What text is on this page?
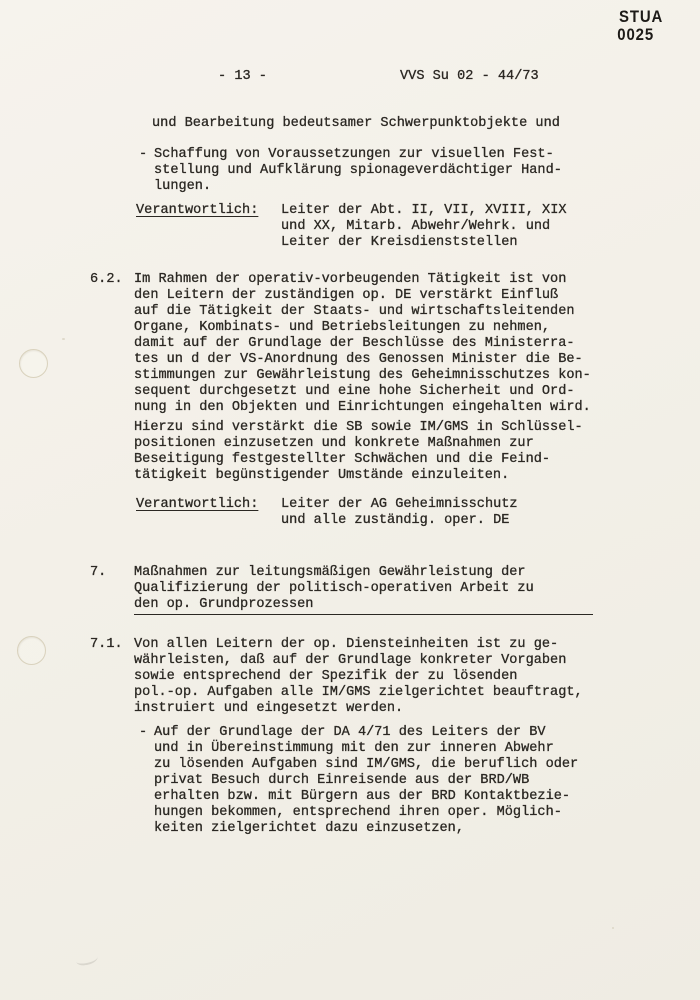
STUA
0025
- 13 -	VVS Su 02 - 44/73
und Bearbeitung bedeutsamer Schwerpunktobjekte und
- Schaffung von Voraussetzungen zur visuellen Fest-
stellung und Aufklärung spionageverdächtiger Hand-
lungen.
Verantwortlich:	Leiter der Abt. II, VII, XVIII, XIX
und XX, Mitarb. Abwehr/Wehrk. und
Leiter der Kreisdienststellen
6.2. Im Rahmen der operativ-vorbeugenden Tätigkeit ist von
den Leitern der zuständigen op. DE verstärkt Einfluß
auf die Tätigkeit der Staats- und wirtschaftsleitenden
Organe, Kombinats- und Betriebsleitungen zu nehmen,
damit auf der Grundlage der Beschlüsse des Ministerra-
tes un d der VS-Anordnung des Genossen Minister die Be-
stimmungen zur Gewährleistung des Geheimnisschutzes kon-
sequent durchgesetzt und eine hohe Sicherheit und Ord-
nung in den Objekten und Einrichtungen eingehalten wird.
Hierzu sind verstärkt die SB sowie IM/GMS in Schlüssel-
positionen einzusetzen und konkrete Maßnahmen zur
Beseitigung festgestellter Schwächen und die Feind-
tätigkeit begünstigender Umstände einzuleiten.
Verantwortlich:	Leiter der AG Geheimnisschutz
und alle zuständig. oper. DE
7. Maßnahmen zur leitungsmäßigen Gewährleistung der
Qualifizierung der politisch-operativen Arbeit zu
den op. Grundprozessen
7.1. Von allen Leitern der op. Diensteinheiten ist zu ge-
währleisten, daß auf der Grundlage konkreter Vorgaben
sowie entsprechend der Spezifik der zu lösenden
pol.-op. Aufgaben alle IM/GMS zielgerichtet beauftragt,
instruiert und eingesetzt werden.
- Auf der Grundlage der DA 4/71 des Leiters der BV
und in Übereinstimmung mit den zur inneren Abwehr
zu lösenden Aufgaben sind IM/GMS, die beruflich oder
privat Besuch durch Einreisende aus der BRD/WB
erhalten bzw. mit Bürgern aus der BRD Kontaktbezie-
hungen bekommen, entsprechend ihren oper. Möglich-
keiten zielgerichtet dazu einzusetzen,
